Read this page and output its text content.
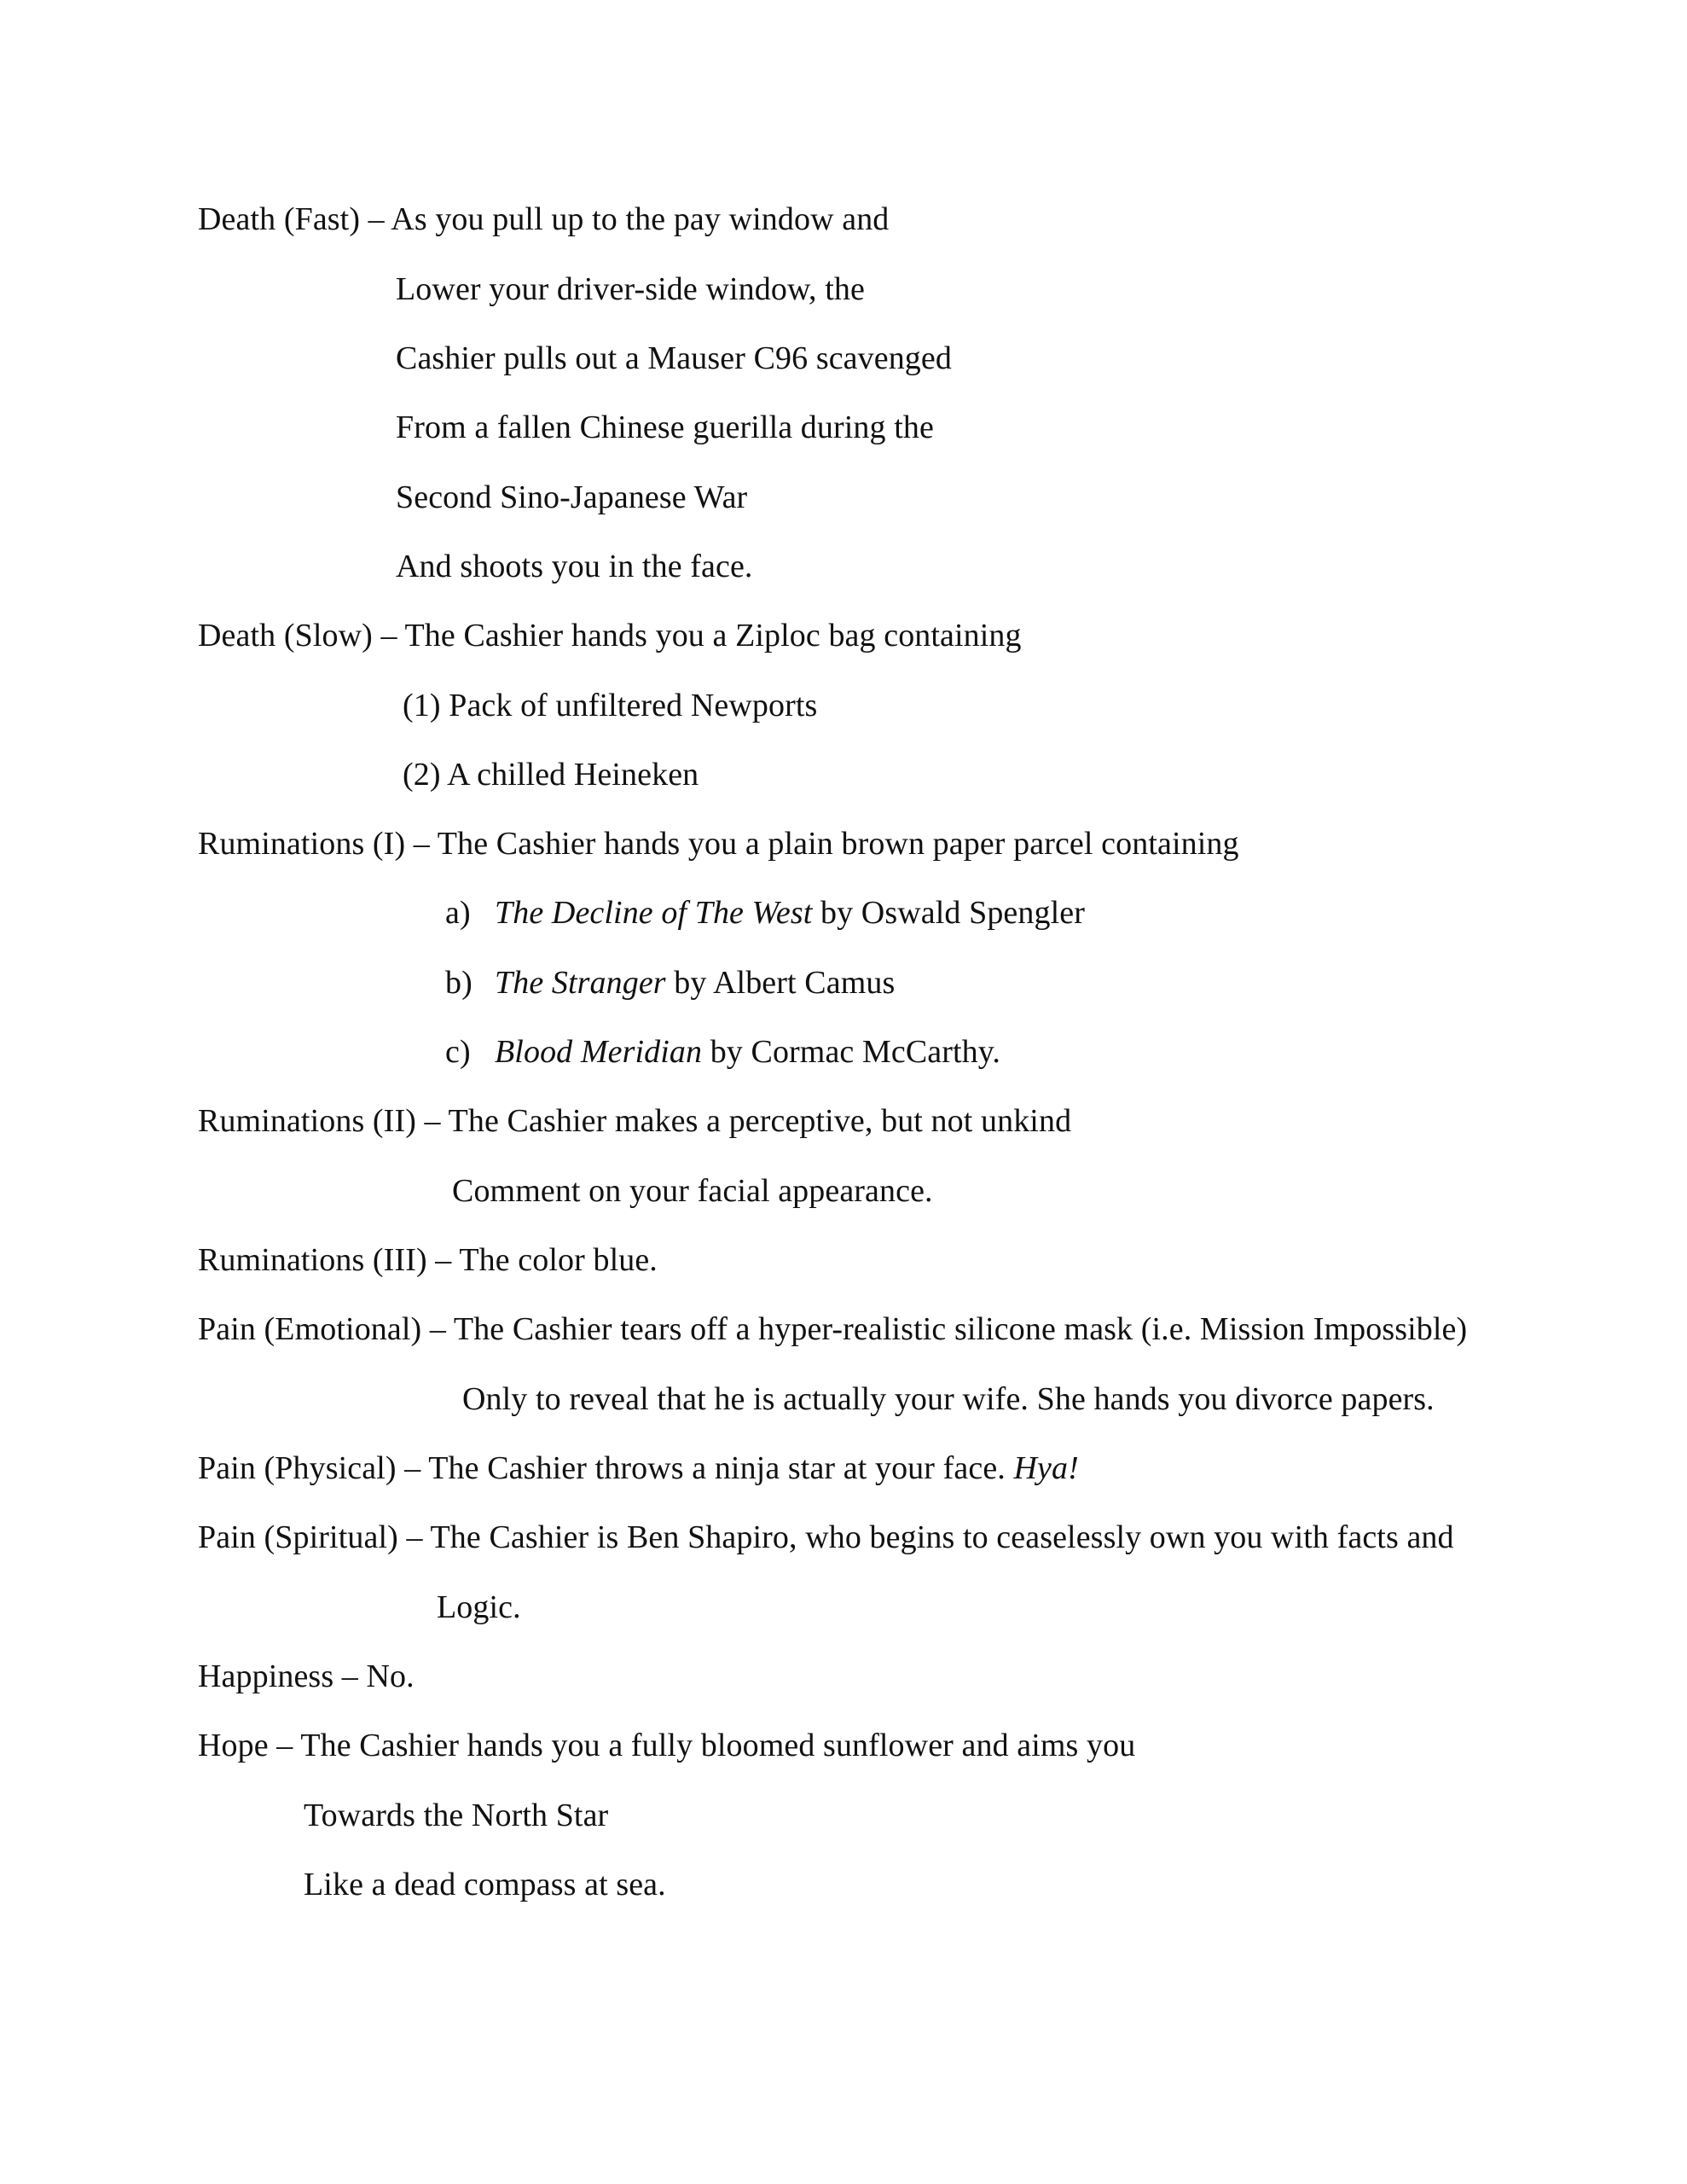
Death (Fast) – As you pull up to the pay window and
Lower your driver-side window, the
Cashier pulls out a Mauser C96 scavenged
From a fallen Chinese guerilla during the
Second Sino-Japanese War
And shoots you in the face.
Death (Slow) – The Cashier hands you a Ziploc bag containing
(1) Pack of unfiltered Newports
(2) A chilled Heineken
Ruminations (I) – The Cashier hands you a plain brown paper parcel containing
a) The Decline of The West by Oswald Spengler
b) The Stranger by Albert Camus
c) Blood Meridian by Cormac McCarthy.
Ruminations (II) – The Cashier makes a perceptive, but not unkind
Comment on your facial appearance.
Ruminations (III) – The color blue.
Pain (Emotional) – The Cashier tears off a hyper-realistic silicone mask (i.e. Mission Impossible)
Only to reveal that he is actually your wife. She hands you divorce papers.
Pain (Physical) – The Cashier throws a ninja star at your face. Hya!
Pain (Spiritual) – The Cashier is Ben Shapiro, who begins to ceaselessly own you with facts and
Logic.
Happiness – No.
Hope – The Cashier hands you a fully bloomed sunflower and aims you
Towards the North Star
Like a dead compass at sea.
